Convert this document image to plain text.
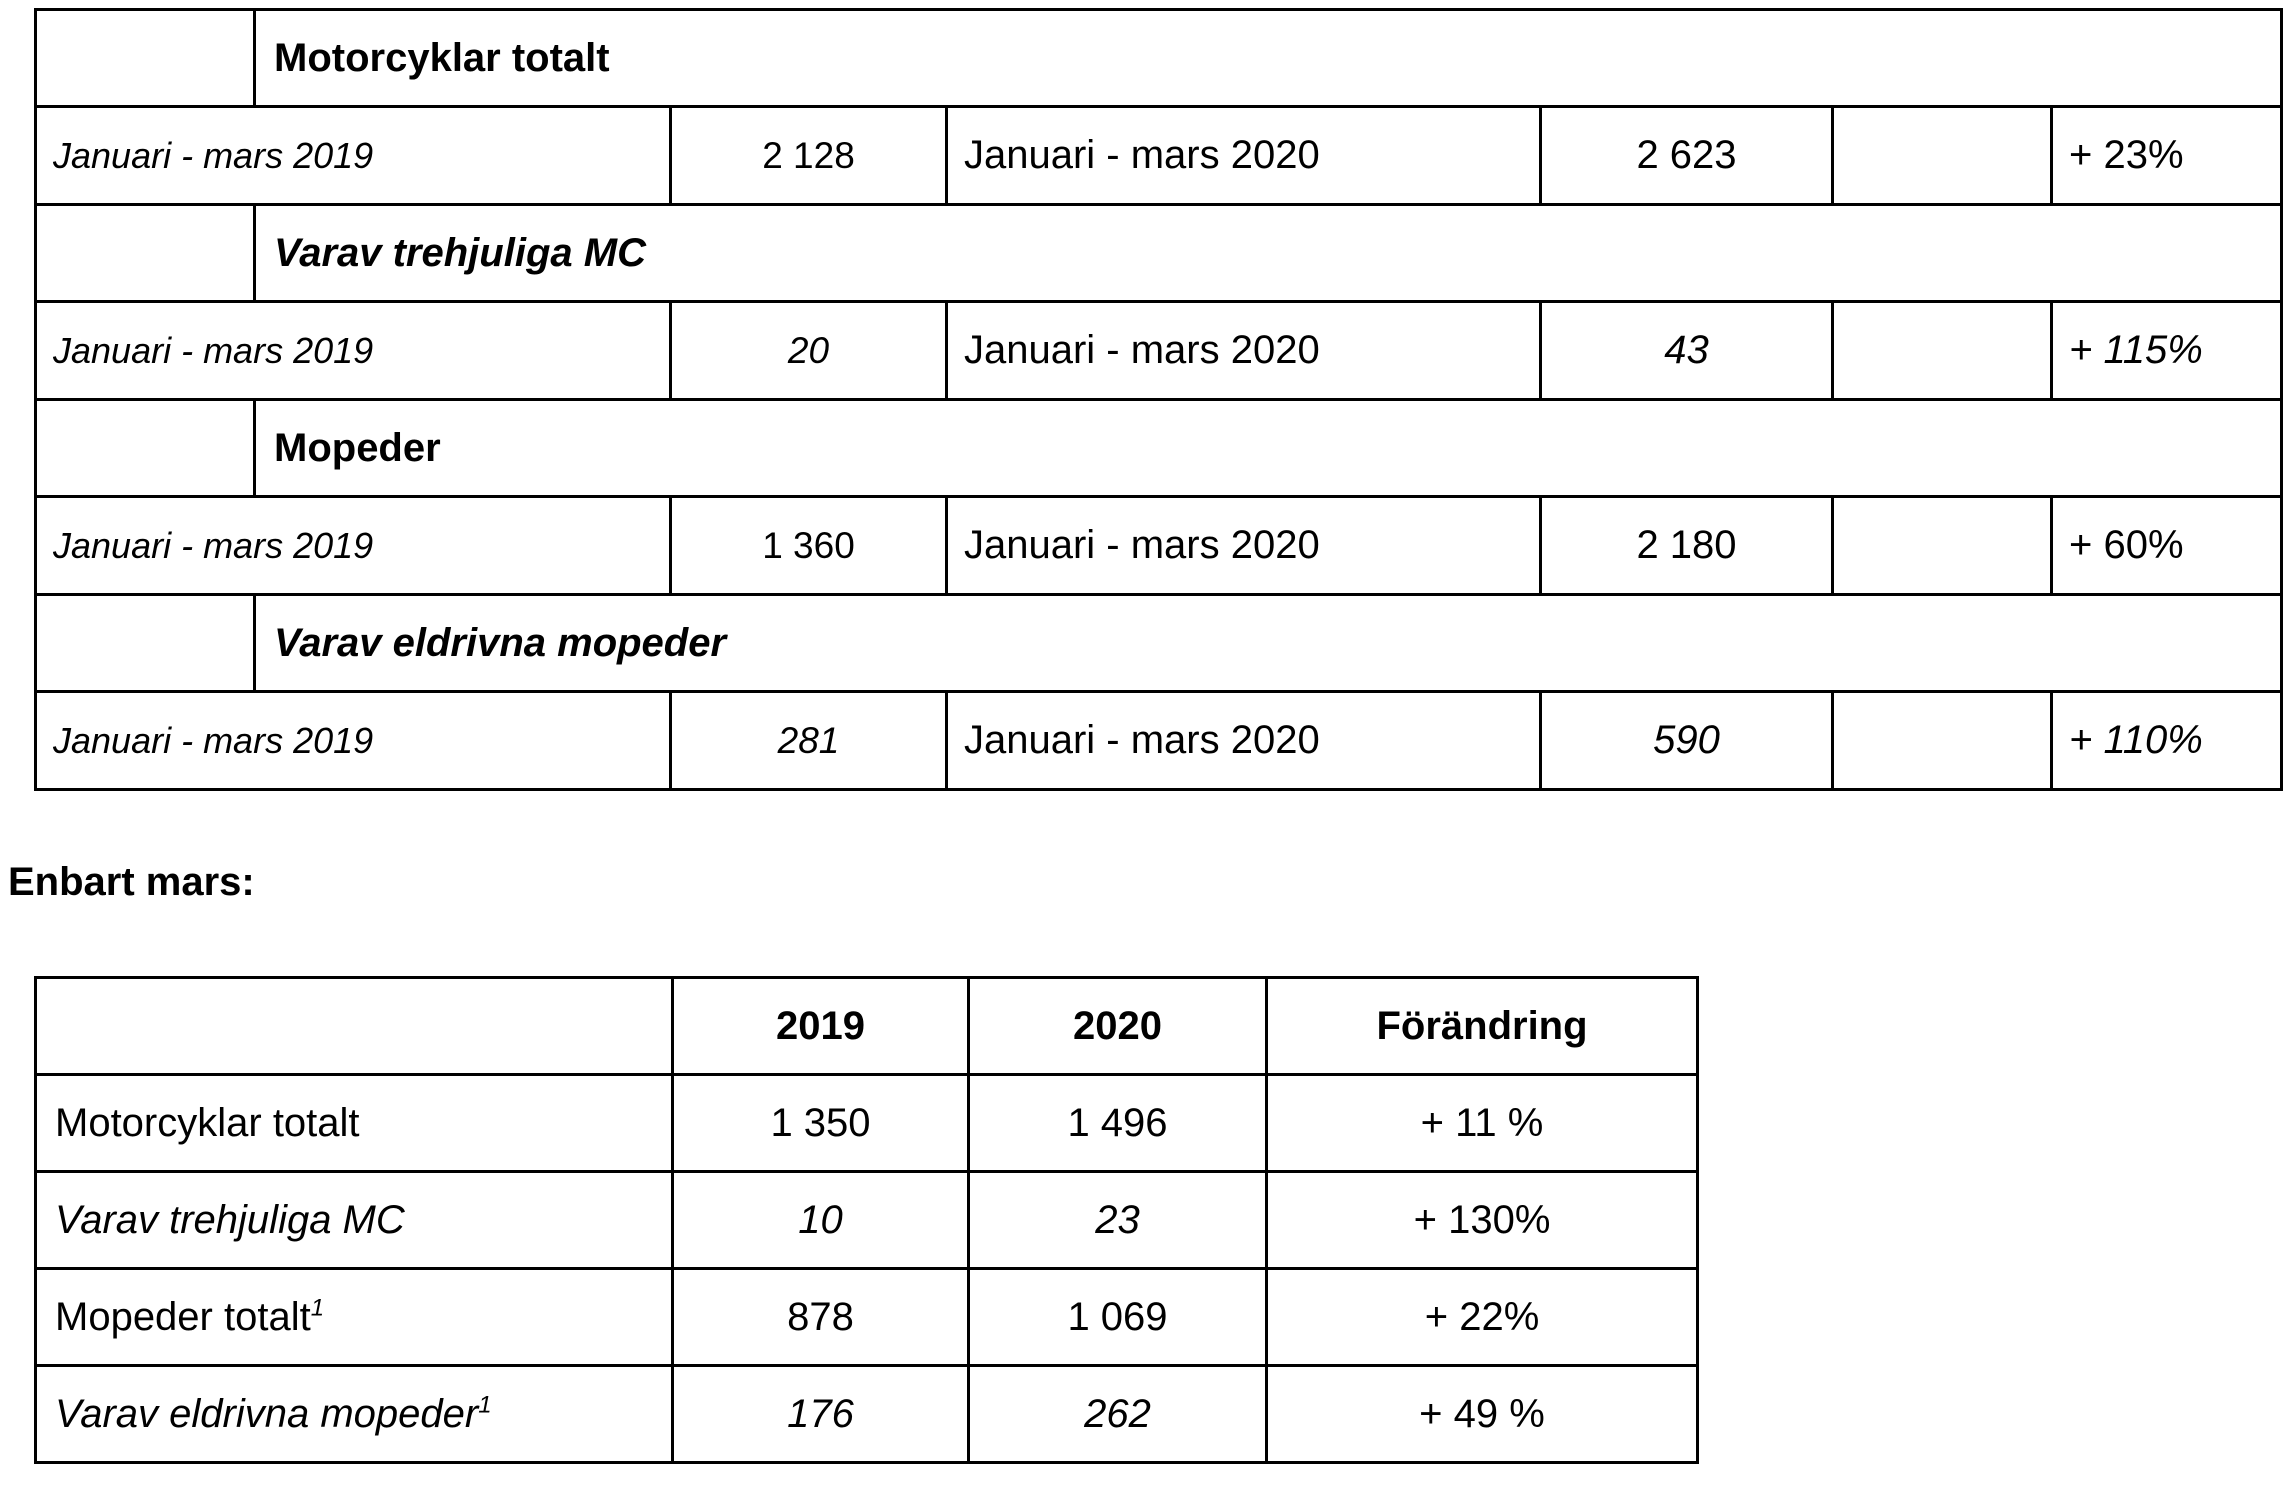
	Motorcyklar totalt					
Januari - mars 2019		2 128	Januari - mars 2020	2 623		+ 23%
	Varav trehjuliga MC					
Januari - mars 2019		20	Januari - mars 2020	43		+ 115%
	Mopeder					
Januari - mars 2019		1 360	Januari - mars 2020	2 180		+ 60%
	Varav eldrivna mopeder					
Januari - mars 2019		281	Januari - mars 2020	590		+ 110%

Enbart mars:

	2019	2020	Förändring
Motorcyklar totalt	1 350	1 496	+ 11 %
Varav trehjuliga MC	10	23	+ 130%
Mopeder totalt$^1$	878	1 069	+ 22%
Varav eldrivna mopeder$^1$	176	262	+ 49 %
